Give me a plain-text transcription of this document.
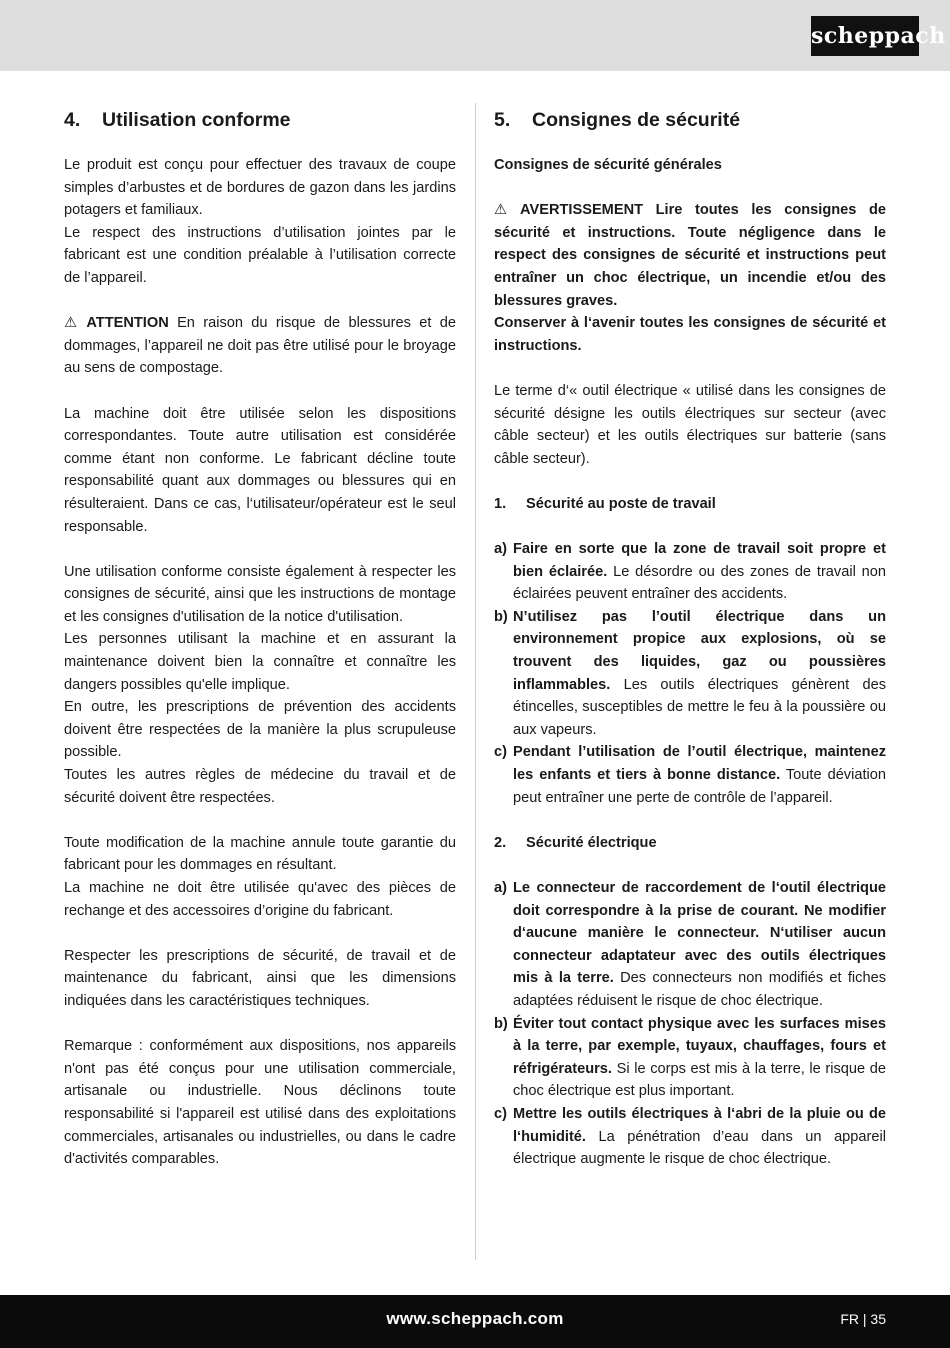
scheppach
4.	Utilisation conforme

Le produit est conçu pour effectuer des travaux de coupe simples d’arbustes et de bordures de gazon dans les jardins potagers et familiaux.

Le respect des instructions d’utilisation jointes par le fabricant est une condition préalable à l’utilisation correcte de l’appareil.

⚠ ATTENTION En raison du risque de blessures et de dommages, l’appareil ne doit pas être utilisé pour le broyage au sens de compostage.

La machine doit être utilisée selon les dispositions correspondantes. Toute autre utilisation est considérée comme étant non conforme. Le fabricant décline toute responsabilité quant aux dommages ou blessures qui en résulteraient. Dans ce cas, l‘utilisateur/opérateur est le seul responsable.

Une utilisation conforme consiste également à respecter les consignes de sécurité, ainsi que les instructions de montage et les consignes d'utilisation de la notice d'utilisation.

Les personnes utilisant la machine et en assurant la maintenance doivent bien la connaître et connaître les dangers possibles qu'elle implique.

En outre, les prescriptions de prévention des accidents doivent être respectées de la manière la plus scrupuleuse possible.

Toutes les autres règles de médecine du travail et de sécurité doivent être respectées.

Toute modification de la machine annule toute garantie du fabricant pour les dommages en résultant.

La machine ne doit être utilisée qu'avec des pièces de rechange et des accessoires d’origine du fabricant.

Respecter les prescriptions de sécurité, de travail et de maintenance du fabricant, ainsi que les dimensions indiquées dans les caractéristiques techniques.

Remarque : conformément aux dispositions, nos appareils n'ont pas été conçus pour une utilisation commerciale, artisanale ou industrielle. Nous déclinons toute responsabilité si l'appareil est utilisé dans des exploitations commerciales, artisanales ou industrielles, ou dans le cadre d'activités comparables.

5.	Consignes de sécurité

Consignes de sécurité générales

⚠ AVERTISSEMENT Lire toutes les consignes de sécurité et instructions. Toute négligence dans le respect des consignes de sécurité et instructions peut entraîner un choc électrique, un incendie et/ou des blessures graves.

Conserver à l‘avenir toutes les consignes de sécurité et instructions.

Le terme d‘« outil électrique « utilisé dans les consignes de sécurité désigne les outils électriques sur secteur (avec câble secteur) et les outils électriques sur batterie (sans câble secteur).

1.	Sécurité au poste de travail
a) Faire en sorte que la zone de travail soit propre et bien éclairée. Le désordre ou des zones de travail non éclairées peuvent entraîner des accidents.
b) N’utilisez pas l’outil électrique dans un environnement propice aux explosions, où se trouvent des liquides, gaz ou poussières inflammables. Les outils électriques génèrent des étincelles, susceptibles de mettre le feu à la poussière ou aux vapeurs.
c) Pendant l’utilisation de l’outil électrique, maintenez les enfants et tiers à bonne distance. Toute déviation peut entraîner une perte de contrôle de l’appareil.
2.	Sécurité électrique
a) Le connecteur de raccordement de l‘outil électrique doit correspondre à la prise de courant. Ne modifier d‘aucune manière le connecteur. N‘utiliser aucun connecteur adaptateur avec des outils électriques mis à la terre. Des connecteurs non modifiés et fiches adaptées réduisent le risque de choc électrique.
b) Éviter tout contact physique avec les surfaces mises à la terre, par exemple, tuyaux, chauffages, fours et réfrigérateurs. Si le corps est mis à la terre, le risque de choc électrique est plus important.
c) Mettre les outils électriques à l‘abri de la pluie ou de l‘humidité. La pénétration d’eau dans un appareil électrique augmente le risque de choc électrique.
www.scheppach.com	FR | 35
